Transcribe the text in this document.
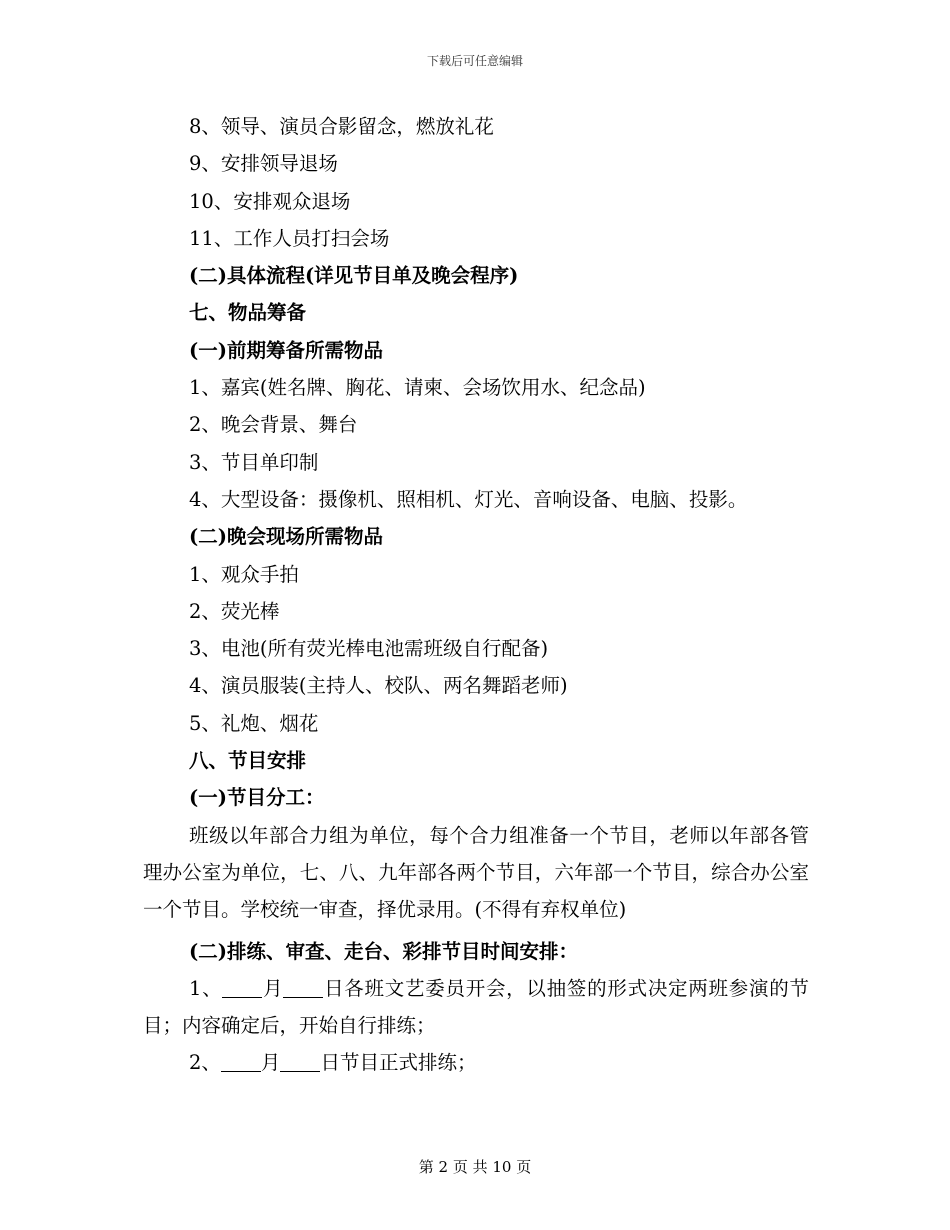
下载后可任意编辑
8、领导、演员合影留念，燃放礼花
9、安排领导退场
10、安排观众退场
11、工作人员打扫会场
(二)具体流程(详见节目单及晚会程序)
七、物品筹备
(一)前期筹备所需物品
1、嘉宾(姓名牌、胸花、请柬、会场饮用水、纪念品)
2、晚会背景、舞台
3、节目单印制
4、大型设备：摄像机、照相机、灯光、音响设备、电脑、投影。
(二)晚会现场所需物品
1、观众手拍
2、荧光棒
3、电池(所有荧光棒电池需班级自行配备)
4、演员服装(主持人、校队、两名舞蹈老师)
5、礼炮、烟花
八、节目安排
(一)节目分工：
班级以年部合力组为单位，每个合力组准备一个节目，老师以年部各管理办公室为单位，七、八、九年部各两个节目，六年部一个节目，综合办公室一个节目。学校统一审查，择优录用。(不得有弃权单位)
(二)排练、审查、走台、彩排节目时间安排：
1、 月 日各班文艺委员开会，以抽签的形式决定两班参演的节目；内容确定后，开始自行排练；
2、 月 日节目正式排练；
第 2 页 共 10 页
